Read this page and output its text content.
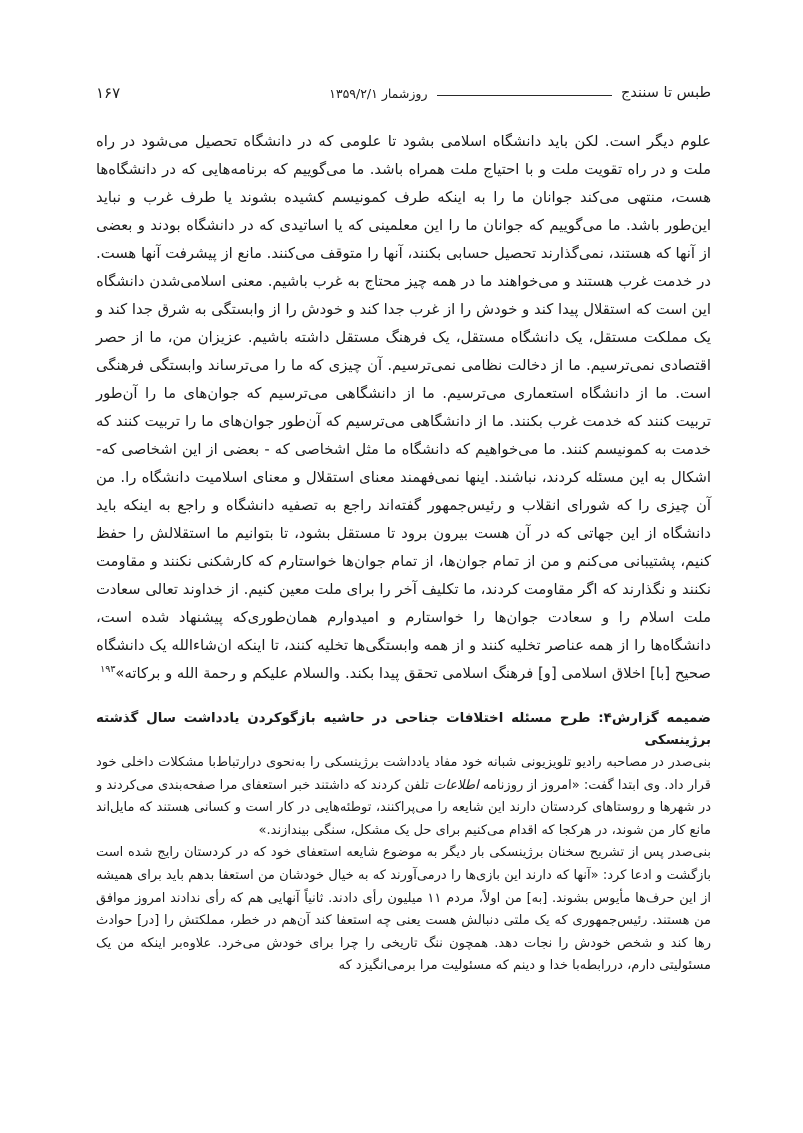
طبس تا سنندج
روزشمار ۱۳۵۹/۲/۱
۱۶۷

علوم دیگر است. لکن باید دانشگاه اسلامی بشود تا علومی که در دانشگاه تحصیل می‌شود در راه ملت و در راه تقویت ملت و با احتیاج ملت همراه باشد. ما می‌گوییم که برنامه‌هایی که در دانشگاه‌ها هست، منتهی می‌کند جوانان ما را به اینکه طرف کمونیسم کشیده بشوند یا طرف غرب و نباید این‌طور باشد. ما می‌گوییم که جوانان ما را این معلمینی که یا اساتیدی که در دانشگاه بودند و بعضی از آنها که هستند، نمی‌گذارند تحصیل حسابی بکنند، آنها را متوقف می‌کنند. مانع از پیشرفت آنها هست. در خدمت غرب هستند و می‌خواهند ما در همه چیز محتاج به غرب باشیم. معنی اسلامی‌شدن دانشگاه این است که استقلال پیدا کند و خودش را از غرب جدا کند و خودش را از وابستگی به شرق جدا کند و یک مملکت مستقل، یک دانشگاه مستقل، یک فرهنگ مستقل داشته باشیم. عزیزان من، ما از حصر اقتصادی نمی‌ترسیم. ما از دخالت نظامی نمی‌ترسیم. آن چیزی که ما را می‌ترساند وابستگی فرهنگی است. ما از دانشگاه استعماری می‌ترسیم. ما از دانشگاهی می‌ترسیم که جوان‌های ما را آن‌طور تربیت کنند که خدمت غرب بکنند. ما از دانشگاهی می‌ترسیم که آن‌طور جوان‌های ما را تربیت کنند که خدمت به کمونیسم کنند. ما می‌خواهیم که دانشگاه ما مثل اشخاصی که - بعضی از این اشخاصی که- اشکال به این مسئله کردند، نباشند. اینها نمی‌فهمند معنای استقلال و معنای اسلامیت دانشگاه را. من آن چیزی را که شورای انقلاب و رئیس‌جمهور گفته‌اند راجع به تصفیه دانشگاه و راجع به اینکه باید دانشگاه از این جهاتی که در آن هست بیرون برود تا مستقل بشود، تا بتوانیم ما استقلالش را حفظ کنیم، پشتیبانی می‌کنم و من از تمام جوان‌ها، از تمام جوان‌ها خواستارم که کارشکنی نکنند و مقاومت نکنند و نگذارند که اگر مقاومت کردند، ما تکلیف آخر را برای ملت معین کنیم. از خداوند تعالی سعادت ملت اسلام را و سعادت جوان‌ها را خواستارم و امیدوارم همان‌طوری‌که پیشنهاد شده است، دانشگاه‌ها را از همه عناصر تخلیه کنند و از همه وابستگی‌ها تخلیه کنند، تا اینکه ان‌شاءالله یک دانشگاه صحیح [با] اخلاق اسلامی [و] فرهنگ اسلامی تحقق پیدا بکند. والسلام علیکم و رحمة الله و برکاته»$^{۱۹۳}$

ضمیمه گزارش۴: طرح مسئله اختلافات جناحی در حاشیه بازگوکردن یادداشت سال گذشته برژینسکی

بنی‌صدر در مصاحبه رادیو تلویزیونی شبانه خود مفاد یادداشت برژینسکی را به‌نحوی درارتباط‌با مشکلات داخلی خود قرار داد. وی ابتدا گفت: «امروز از روزنامه اطلاعات تلفن کردند که داشتند خبر استعفای مرا صفحه‌بندی می‌کردند و در شهرها و روستاهای کردستان دارند این شایعه را می‌پراکنند، توطئه‌هایی در کار است و کسانی هستند که مایل‌اند مانع کار من شوند، در هرکجا که اقدام می‌کنیم برای حل یک مشکل، سنگی بیندازند.»

بنی‌صدر پس از تشریح سخنان برژینسکی بار دیگر به موضوع شایعه استعفای خود که در کردستان رایج شده است بازگشت و ادعا کرد: «آنها که دارند این بازی‌ها را درمی‌آورند که به خیال خودشان من استعفا بدهم باید برای همیشه از این حرف‌ها مأیوس بشوند. [به] من اولاً، مردم ۱۱ میلیون رأی دادند. ثانیاً آنهایی هم که رأی ندادند امروز موافق من هستند. رئیس‌جمهوری که یک ملتی دنبالش هست یعنی چه استعفا کند آن‌هم در خطر، مملکتش را [در] حوادث رها کند و شخص خودش را نجات دهد. همچون ننگ تاریخی را چرا برای خودش می‌خرد. علاوه‌بر اینکه من یک مسئولیتی دارم، دررابطه‌با خدا و دینم که مسئولیت مرا برمی‌انگیزد که
